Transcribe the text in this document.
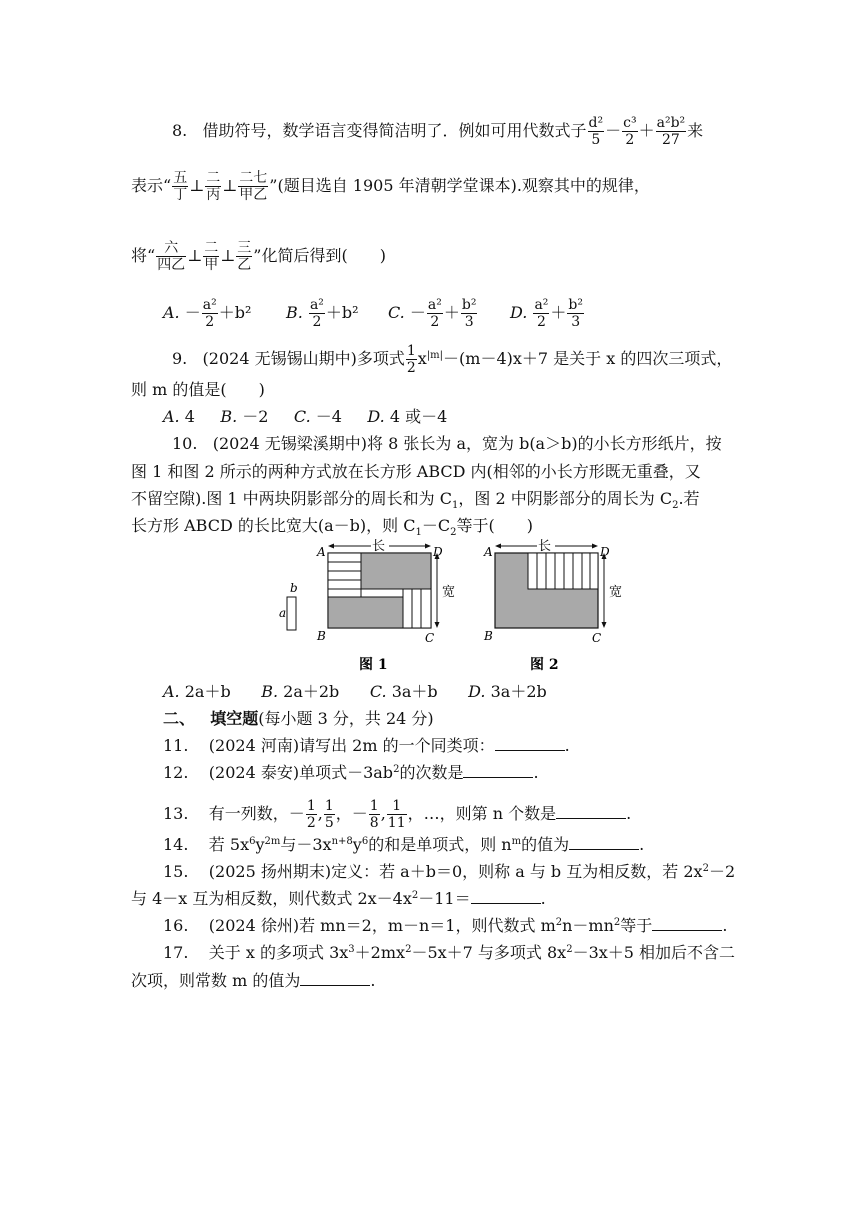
8. 借助符号，数学语言变得简洁明了．例如可用代数式子 $\frac{\text{d²}}{5} - \frac{\text{c³}}{2} + \frac{\text{a²b²}}{27}$ 来
表示“ $\frac{\text{五}}{\text{丁}}$ ⊥ $\frac{\text{二}}{\text{丙}}$ ⊥ $\frac{\text{二七}}{\text{甲乙}}$ ”(题目选自 1905 年清朝学堂课本).观察其中的规律，
将“ $\frac{\text{六}}{\text{四乙}}$ ⊥ $\frac{\text{二}}{\text{甲}}$ ⊥ $\frac{\text{三}}{\text{乙}}$ ”化简后得到(　　)
A. － $\frac{\text{a²}}{2} +b^2$ B. $\frac{\text{a²}}{2} +b^2$ C. － $\frac{\text{a²}}{2} + \frac{\text{b²}}{3} D$. $\frac{\text{a²}}{2} + \frac{\text{b²}}{3}$
9. (2024 无锡锡山期中)多项式 $\frac{1}{2} x^{|m|}-(m-4)x+7$ 是关于 x 的四次三项式，
则 m 的值是(　　)
A. 4 B. －2 C. －4 D. 4 或－4
10. (2024 无锡梁溪期中)将 8 张长为 a，宽为 b(a＞b)的小长方形纸片，按
图 1 和图 2 所示的两种方式放在长方形 ABCD 内(相邻的小长方形既无重叠，又
不留空隙).图 1 中两块阴影部分的周长和为 $C_1$，图 2 中阴影部分的周长为 $C_2$.若
长方形 ABCD 的长比宽大(a－b)，则 $C_1-C_2$等于(　　)
b
a
长
宽
A	D
B	C
图 1
长
宽
A	D
B	C
图 2
A. 2a＋b B. 2a＋2b C. 3a＋b D. 3a＋2b
二、 填空题(每小题 3 分，共 24 分)
11. (2024 河南)请写出 2m 的一个同类项：	.
12. (2024 泰安)单项式$-3ab^2$的次数是	.
13. 有一列数，－ $\frac{1}{2}$ , $\frac{1}{5}$ ，－ $\frac{1}{8}$ , $\frac{1}{11}$ ，…，则第 n 个数是	.
14. 若 $5x^6y^{2m}$与$-3x^{n+8}y^6$的和是单项式，则 $n^m$的值为	.
15. (2025 扬州期末)定义：若 a＋b＝0，则称 a 与 b 互为相反数，若 $2x^2-2$
与 4－x 互为相反数，则代数式 $2x-4x^2-11=$	.
16. (2024 徐州)若 mn＝2，m－n＝1，则代数式 $m^2n-mn^2$等于	.
17. 关于 x 的多项式 $3x^3+2mx^2-5x+7$ 与多项式 $8x^2-3x+5$ 相加后不含二
次项，则常数 m 的值为	.
